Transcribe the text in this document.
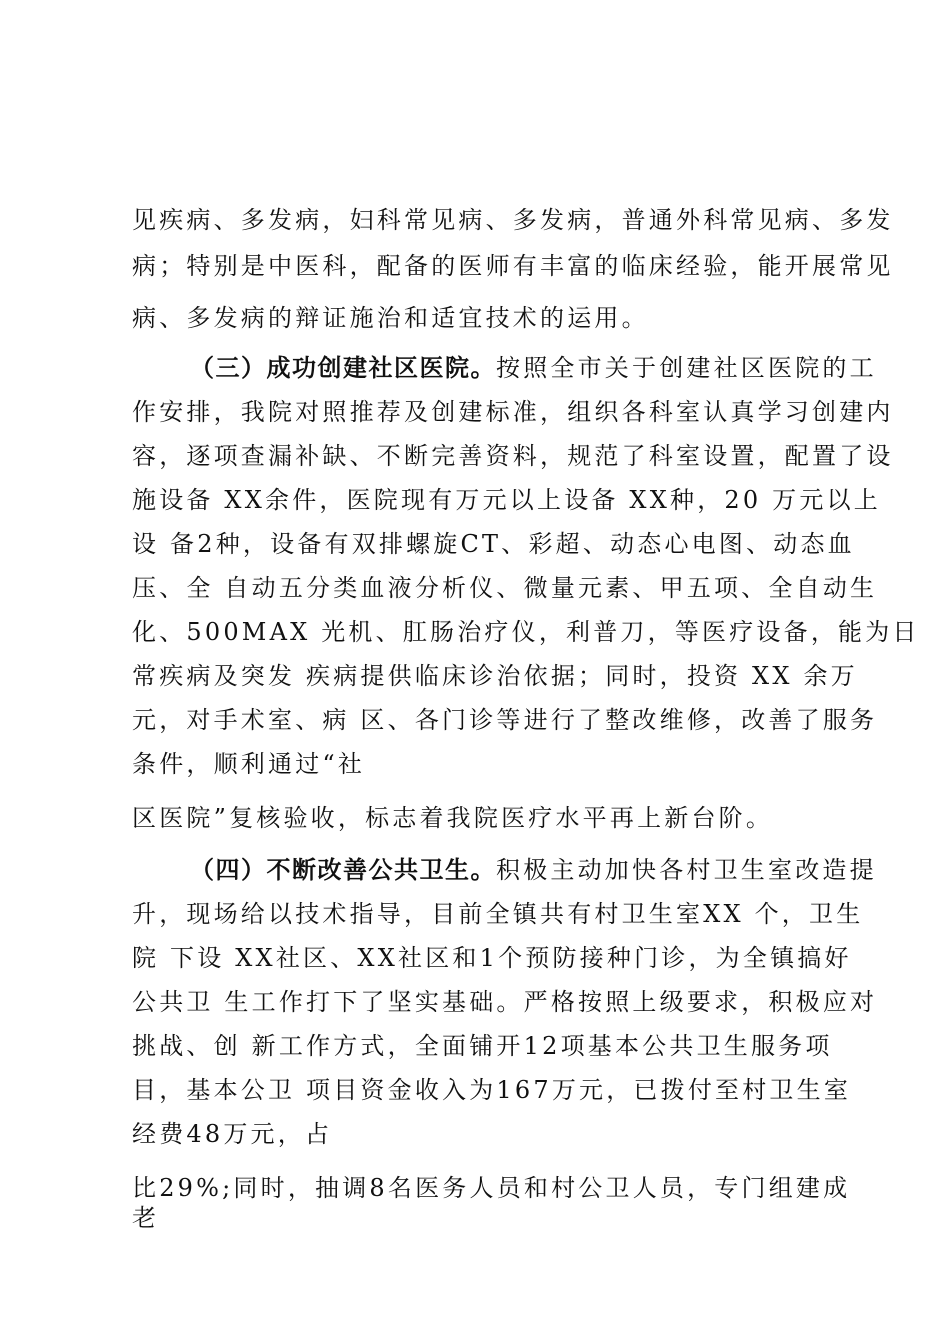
见疾病、多发病，妇科常见病、多发病，普通外科常见病、多发
病；特别是中医科，配备的医师有丰富的临床经验，能开展常见
病、多发病的辩证施治和适宜技术的运用。
（三）成功创建社区医院。按照全市关于创建社区医院的工
作安排，我院对照推荐及创建标准，组织各科室认真学习创建内
容，逐项查漏补缺、不断完善资料，规范了科室设置，配置了设
施设备 XX余件，医院现有万元以上设备 XX种，20 万元以上
设 备2种，设备有双排螺旋CT、彩超、动态心电图、动态血
压、全 自动五分类血液分析仪、微量元素、甲五项、全自动生
化、500MAX 光机、肛肠治疗仪，利普刀，等医疗设备，能为日
常疾病及突发 疾病提供临床诊治依据；同时，投资 XX 余万
元，对手术室、病 区、各门诊等进行了整改维修，改善了服务
条件，顺利通过“社
区医院”复核验收，标志着我院医疗水平再上新台阶。
（四）不断改善公共卫生。积极主动加快各村卫生室改造提
升，现场给以技术指导，目前全镇共有村卫生室XX 个，卫生
院 下设 XX社区、XX社区和1个预防接种门诊，为全镇搞好
公共卫 生工作打下了坚实基础。严格按照上级要求，积极应对
挑战、创 新工作方式，全面铺开12项基本公共卫生服务项
目，基本公卫 项目资金收入为167万元，已拨付至村卫生室
经费48万元，占
比29%;同时，抽调8名医务人员和村公卫人员，专门组建成
老
